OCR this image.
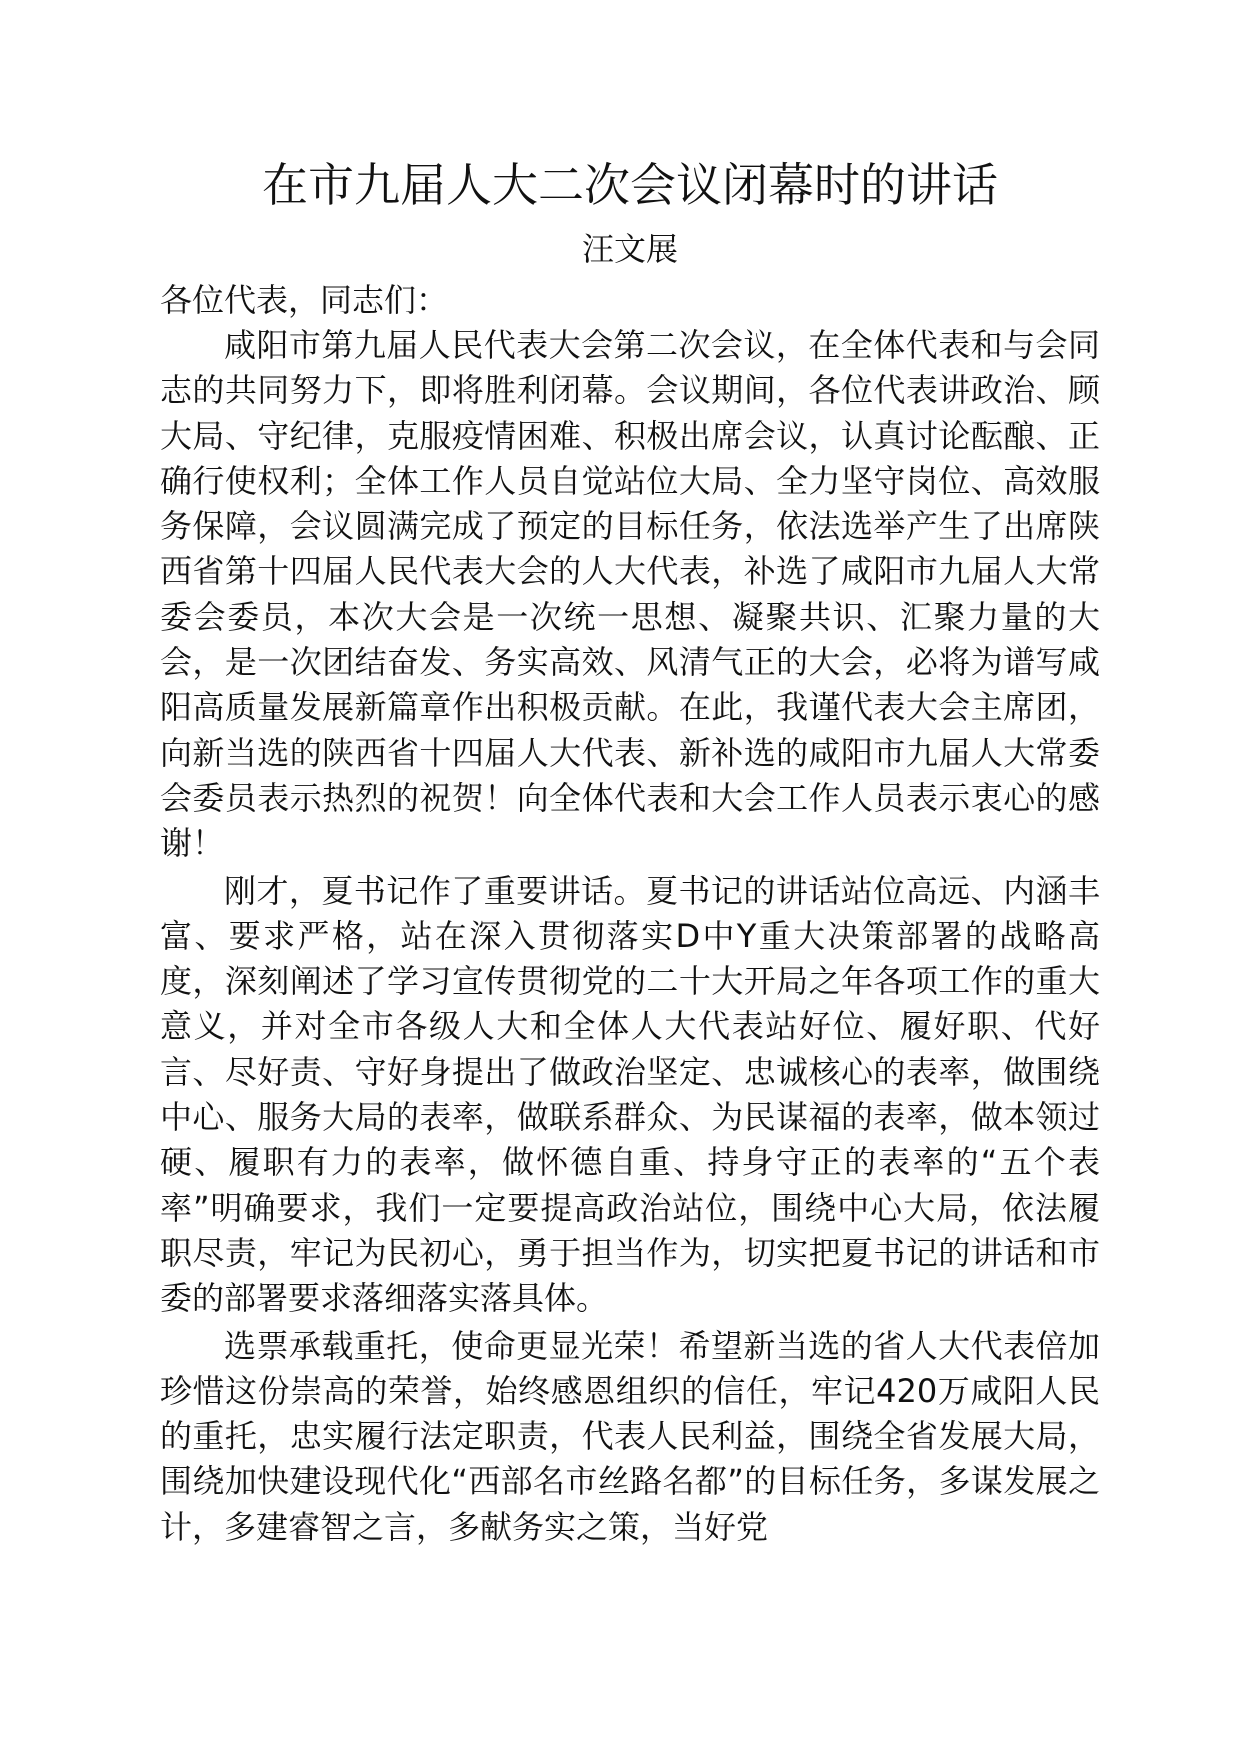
在市九届人大二次会议闭幕时的讲话

汪文展

各位代表，同志们：

咸阳市第九届人民代表大会第二次会议，在全体代表和与会同志的共同努力下，即将胜利闭幕。会议期间，各位代表讲政治、顾大局、守纪律，克服疫情困难、积极出席会议，认真讨论酝酿、正确行使权利；全体工作人员自觉站位大局、全力坚守岗位、高效服务保障，会议圆满完成了预定的目标任务，依法选举产生了出席陕西省第十四届人民代表大会的人大代表，补选了咸阳市九届人大常委会委员，本次大会是一次统一思想、凝聚共识、汇聚力量的大会，是一次团结奋发、务实高效、风清气正的大会，必将为谱写咸阳高质量发展新篇章作出积极贡献。在此，我谨代表大会主席团，向新当选的陕西省十四届人大代表、新补选的咸阳市九届人大常委会委员表示热烈的祝贺！向全体代表和大会工作人员表示衷心的感谢！

刚才，夏书记作了重要讲话。夏书记的讲话站位高远、内涵丰富、要求严格，站在深入贯彻落实D中Y重大决策部署的战略高度，深刻阐述了学习宣传贯彻党的二十大开局之年各项工作的重大意义，并对全市各级人大和全体人大代表站好位、履好职、代好言、尽好责、守好身提出了做政治坚定、忠诚核心的表率，做围绕中心、服务大局的表率，做联系群众、为民谋福的表率，做本领过硬、履职有力的表率，做怀德自重、持身守正的表率的“五个表率”明确要求，我们一定要提高政治站位，围绕中心大局，依法履职尽责，牢记为民初心，勇于担当作为，切实把夏书记的讲话和市委的部署要求落细落实落具体。

选票承载重托，使命更显光荣！希望新当选的省人大代表倍加珍惜这份崇高的荣誉，始终感恩组织的信任，牢记420万咸阳人民的重托，忠实履行法定职责，代表人民利益，围绕全省发展大局，围绕加快建设现代化“西部名市丝路名都”的目标任务，多谋发展之计，多建睿智之言，多献务实之策，当好党
